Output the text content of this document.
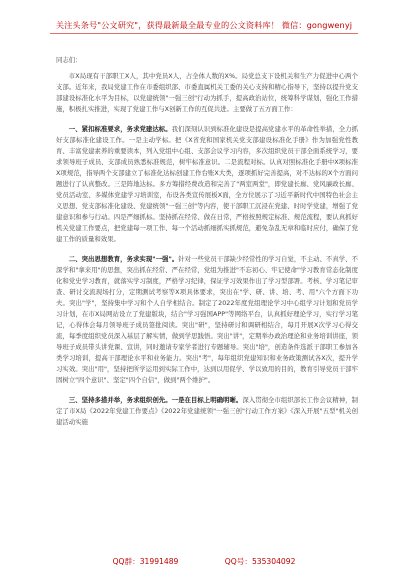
关注头条号"公文研究"，获得最新最全最专业的公文资料库！ 微信：gongwenyj

同志们：

市Ⅹ局现有干部职工Ⅹ人，其中党员Ⅹ人，占全体人数的Ⅹ%。局党总支下设机关和生产力促进中心两个支部。近年来，我局党建工作在市委组织部、市委直属机关工委的关心支持和精心指导下，坚持以提升党支部建设标准化水平为目标，以党建统领"一强三创"行动为抓手，提高政治站位，统筹科学谋划，强化工作措施，积极扎实推进，实现了党建工作与Ⅹ创新工作的互促共进。主要做了五方面工作：

一、紧扣标准要求，务求党建达标。我们深刻认识到标准化建设是提高党建水平的革命性举措，全力抓好支部标准化建设工作。一是主动学标。把《X省党和国家机关党支部建设标准化手册》作为加强党性教育、丰富党建素养的重要读本，列入党组中心组、支部会议学习内容，多次组织党员干部全面系统学习，要求领导班子成员、支部成员熟悉标准规范，树牢标准意识。二是流程对标。认真对照标准化手册中Ⅹ项标准Ⅹ项规范，指导两个支部建立了标准化达标创建工作台账Ⅹ大类，逐项抓好完善提高，对不达标的Ⅹ个方面问题进行了认真整改。三是阵地达标。多方筹措经费改造和完善了"两室两堂"，即党建长廊、党风廉政长廊、党员活动室、多媒体党建学习培训室，布设各类宣传展板Ⅹ面，全方位展示了习近平新时代中国特色社会主义思想、党支部标准化建设、党建统领"一强三创"等内容，使干部职工沉浸在党建、时时学党建，增强了党建意识和参与行动。四是严细抓标。坚持抓在经常、做在日常，严格按照规定标准、规范流程，要认真抓好机关党建工作要点，把党建每一项工作、每一个活动抓细抓实抓规范，避免杂乱无章和临时应付，确保了党建工作的质量和效果。

二、突出思想教育，务求实现"一强"。针对一些党员干部缺少经常性的学习自觉，不主动、不真学、不深学和"拿来用"的思想，突出抓在经常、严在经常，党组为推进"不忘初心、牢记使命"学习教育常态化制度化和党史学习教育，就落实学习制度，严格学习纪律，保证学习效果作出了学习型部署。考核、学习笔记审查、研讨交流现场打分，定期测试考察等Ⅹ项具体要求，突出在"学、研、讲、培、考、用"六个方面下功夫。突出"学"，坚持集中学习和个人自学相结合。制定了2022年度党组理论学习中心组学习计划和党员学习计划，在市Ⅹ局网站设立了党建版块，结合"学习强国APP"等网络平台，认真抓好理论学习，实行学习笔记，心得体会每月领导班子成员签批阅读。突出"研"，坚持研讨和调研相结合，每月开展Ⅹ次学习心得交流，每季度组织党员深入基层了解实情，做到学思践悟。突出"讲"，定期举办政治理论和业务培训讲座，领导班子成员带头讲党课、宣讲，同时邀请专家学者进行专题辅导。突出"培"，创造条件选派干部职工参加各类学习培训，提高干部理论水平和业务能力。突出"考"，每年组织党建知识和业务政策测试各Ⅹ次，提升学习实效。突出"用"，坚持把所学运用到实际工作中，达到以用促学、学以致用的目的，教育引导党员干部牢固树立"四个意识"、坚定"四个自信"，做到"两个维护"。

三、坚持多措并举，务求组织创先。一是在目标上明确明晰。深入贯彻全市组织部长工作会议精神，制定了市Ⅹ局《2022年党建工作要点》《2022年党建统领"一强三创"行动工作方案》《深入开展"五型"机关创建活动实施

QQ群：31991489	QQ号：535304092
